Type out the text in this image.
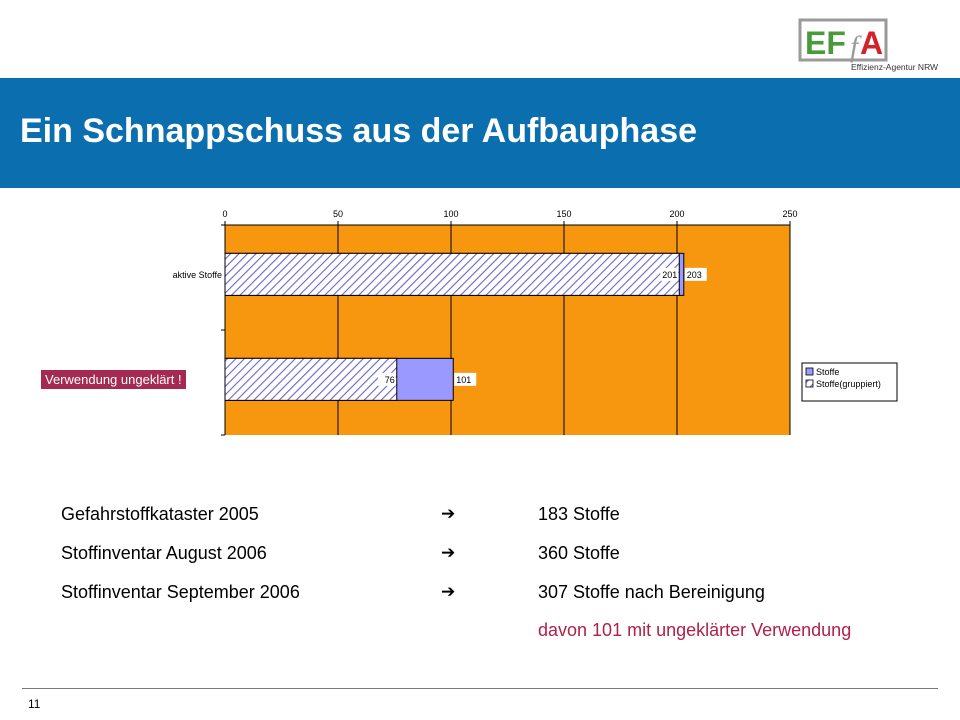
EF f A
Effizienz-Agentur NRW
Ein Schnappschuss aus der Aufbauphase
0	50	100	150	200	250
201 203
aktive Stoffe
76	101
Stoffe
Stoffe(gruppiert)
Verwendung ungeklärt !
Gefahrstoffkataster 2005	➔	183 Stoffe
Stoffinventar August 2006	➔	360 Stoffe
Stoffinventar September 2006	➔	307 Stoffe nach Bereinigung
davon 101 mit ungeklärter Verwendung
11
